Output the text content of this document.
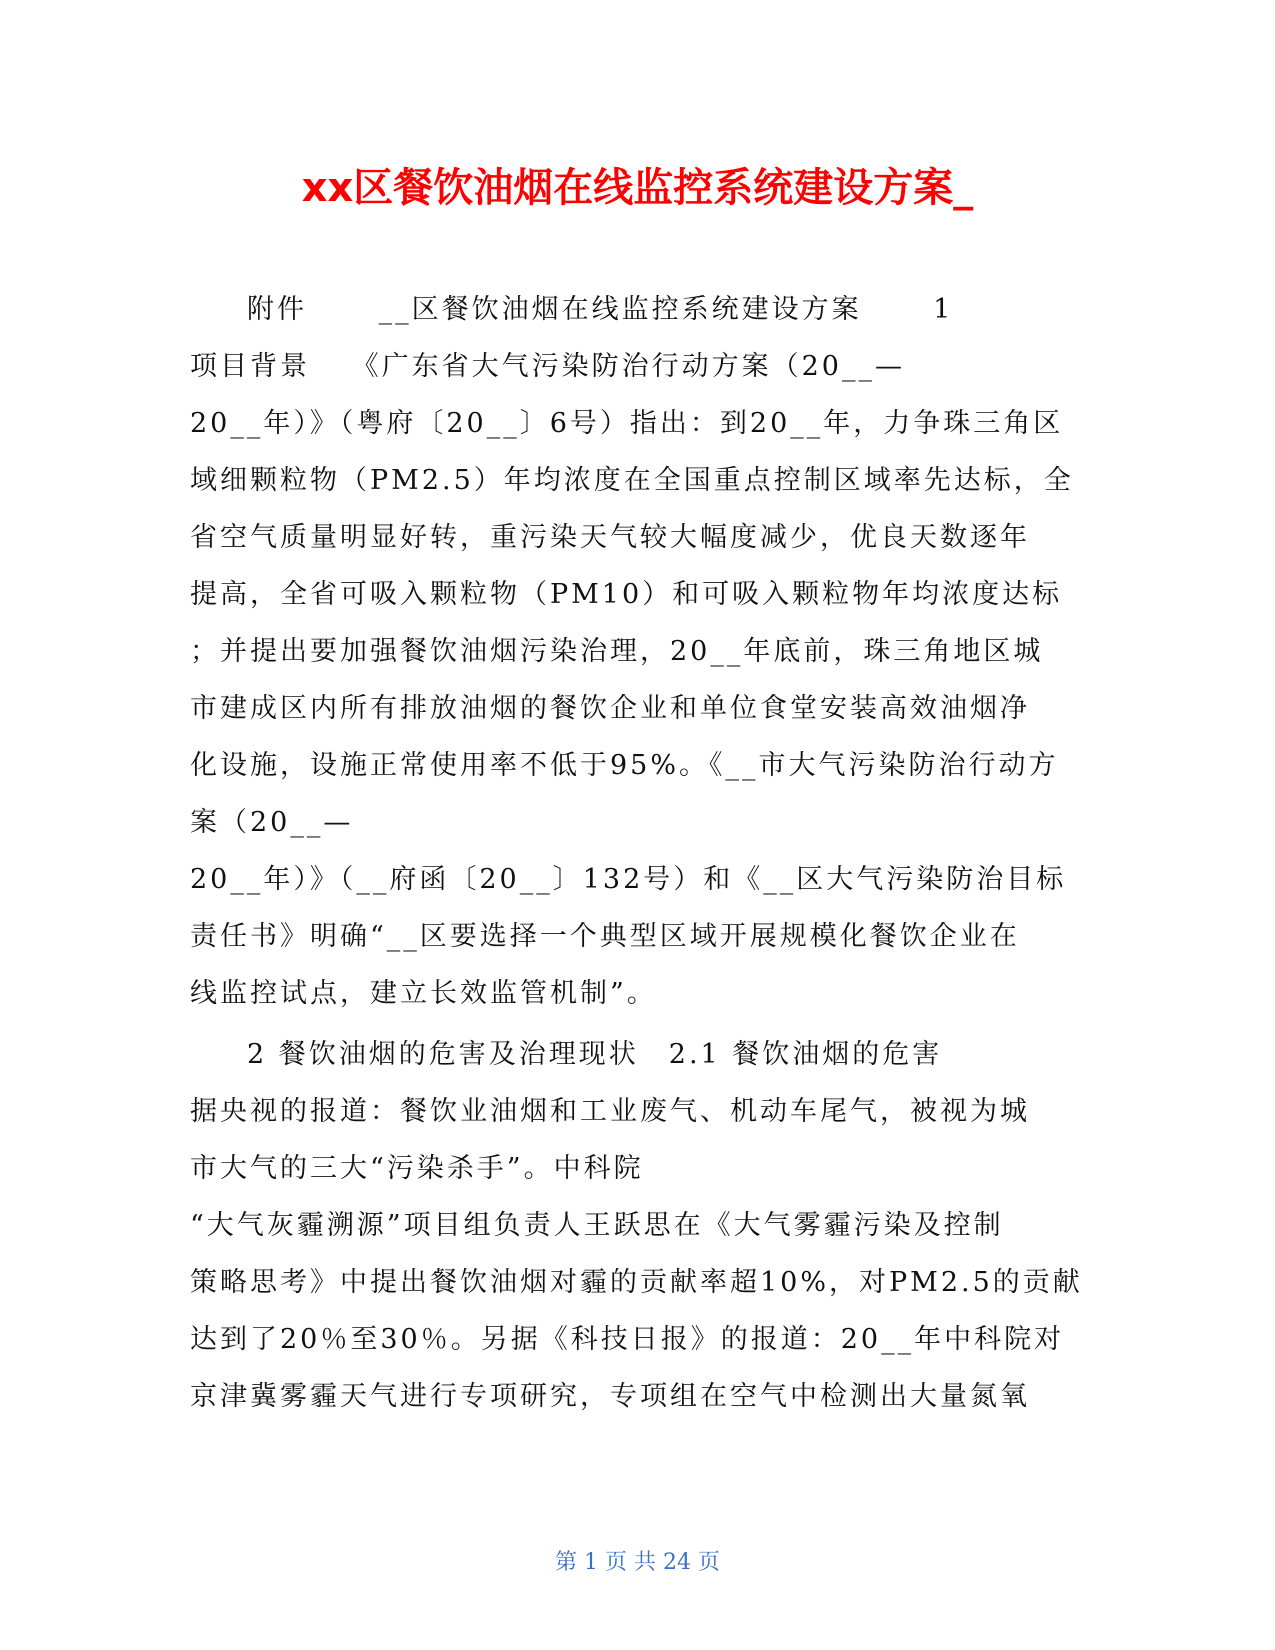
xx区餐饮油烟在线监控系统建设方案_
附件　　 __区餐饮油烟在线监控系统建设方案　　 1
项目背景　 《广东省大气污染防治行动方案（20__—
20__年）》（粤府〔20__〕6号）指出：到20__年，力争珠三角区
域细颗粒物（PM2.5）年均浓度在全国重点控制区域率先达标，全
省空气质量明显好转，重污染天气较大幅度减少，优良天数逐年
提高，全省可吸入颗粒物（PM10）和可吸入颗粒物年均浓度达标
；并提出要加强餐饮油烟污染治理，20__年底前，珠三角地区城
市建成区内所有排放油烟的餐饮企业和单位食堂安装高效油烟净
化设施，设施正常使用率不低于95%。《__市大气污染防治行动方
案（20__—
20__年）》（__府函〔20__〕132号）和《__区大气污染防治目标
责任书》明确“__区要选择一个典型区域开展规模化餐饮企业在
线监控试点，建立长效监管机制”。
2 餐饮油烟的危害及治理现状　2.1 餐饮油烟的危害
据央视的报道：餐饮业油烟和工业废气、机动车尾气，被视为城
市大气的三大“污染杀手”。中科院
“大气灰霾溯源”项目组负责人王跃思在《大气雾霾污染及控制
策略思考》中提出餐饮油烟对霾的贡献率超10%，对PM2.5的贡献
达到了20％至30％。另据《科技日报》的报道：20__年中科院对
京津冀雾霾天气进行专项研究，专项组在空气中检测出大量氮氧
第 1 页 共 24 页
